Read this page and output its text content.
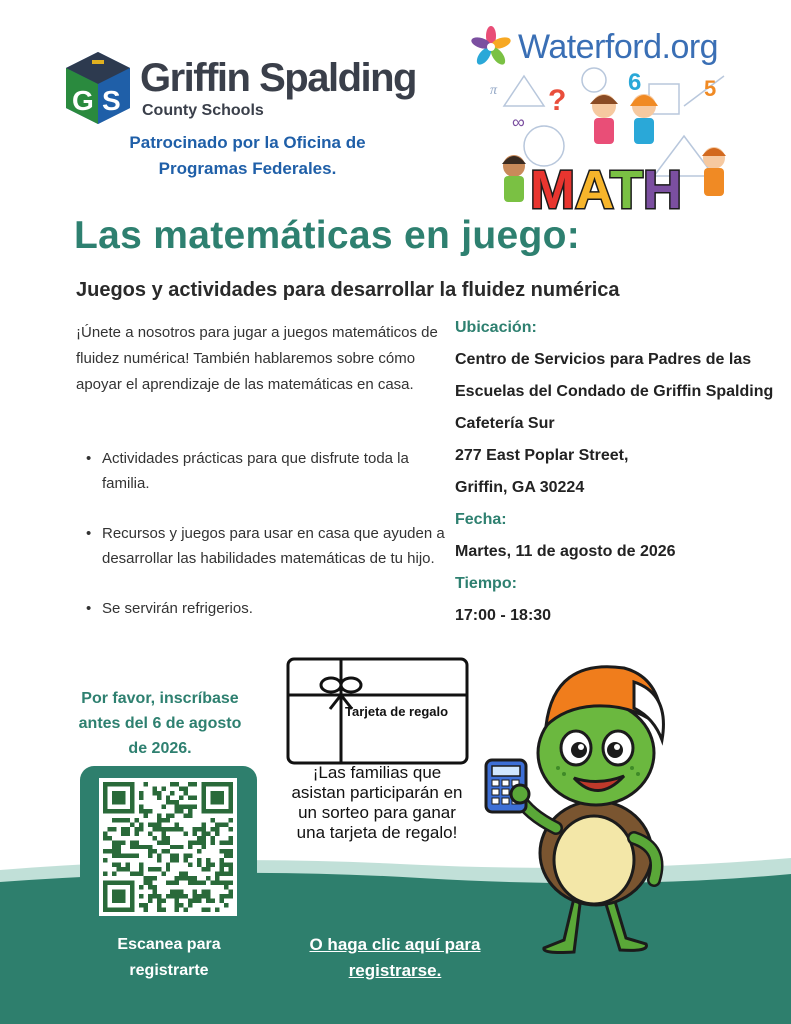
G S
Griffin Spalding
County Schools
Patrocinado por la Oficina de Programas Federales.
Waterford.org
π ?
6	5
∞
MATH
Las matemáticas en juego:
Juegos y actividades para desarrollar la fluidez numérica

¡Únete a nosotros para jugar a juegos matemáticos de fluidez numérica! También hablaremos sobre cómo apoyar el aprendizaje de las matemáticas en casa.

• Actividades prácticas para que disfrute toda la familia.
• Recursos y juegos para usar en casa que ayuden a desarrollar las habilidades matemáticas de tu hijo.
• Se servirán refrigerios.
Ubicación:
Centro de Servicios para Padres de las Escuelas del Condado de Griffin Spalding
Cafetería Sur
277 East Poplar Street,
Griffin, GA 30224
Fecha:
Martes, 11 de agosto de 2026
Tiempo:
17:00 - 18:30
Por favor, inscríbase antes del 6 de agosto de 2026.
Escanea para registrarte
Tarjeta de regalo
¡Las familias que asistan participarán en un sorteo para ganar una tarjeta de regalo!
O haga clic aquí para registrarse.
